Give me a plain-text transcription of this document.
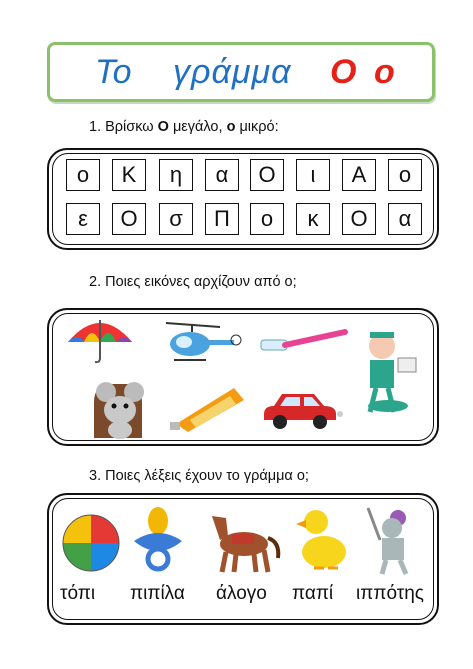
Το γράμμα Ο ο
1. Βρίσκω Ο μεγάλο, ο μικρό:
ο	Κ	η	α	Ο	ι	Α	ο
ε	Ο	σ	Π	ο	κ	Ο	α
2. Ποιες εικόνες αρχίζουν από ο;
3. Ποιες λέξεις έχουν το γράμμα ο;
τόπι πιπίλα άλογο παπί ιππότης
